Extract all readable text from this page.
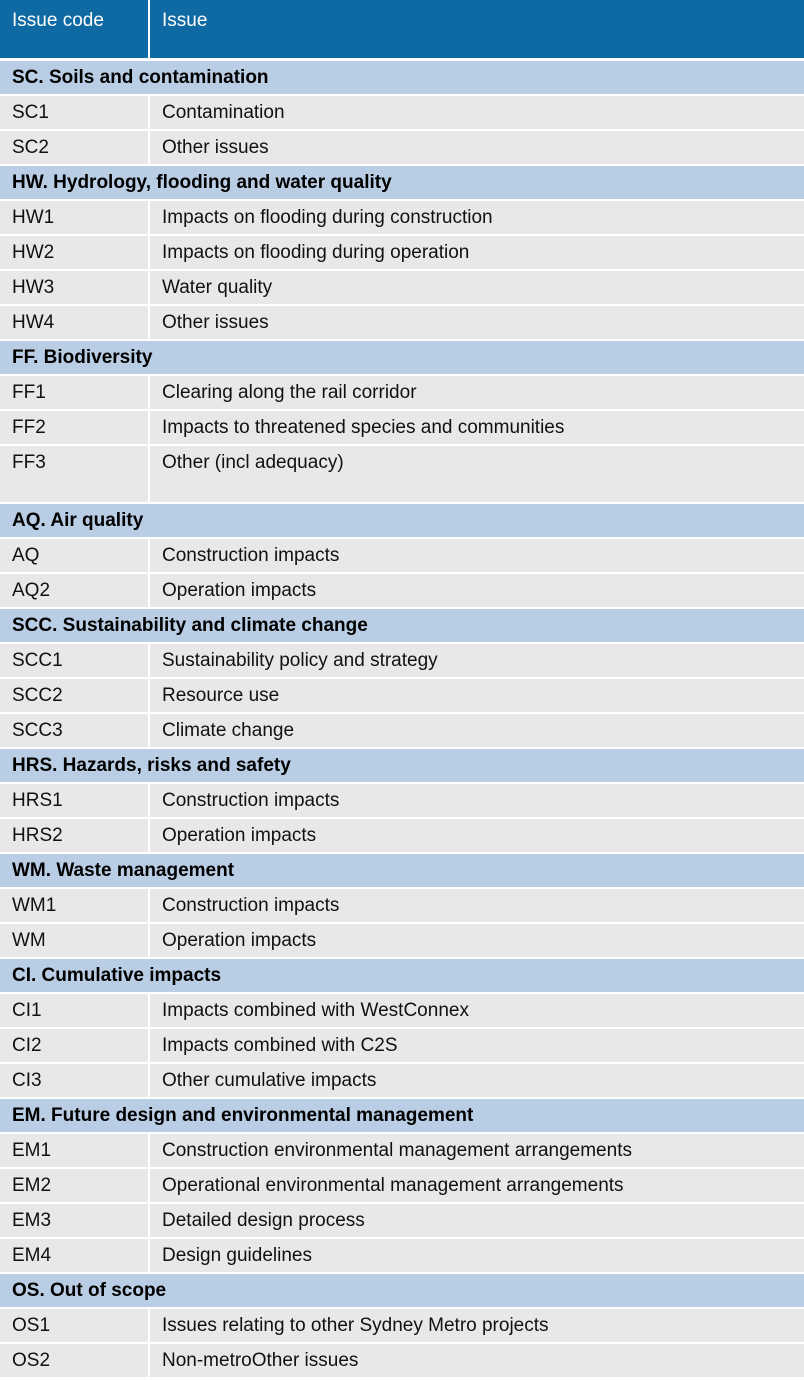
Issue code	Issue
SC. Soils and contamination
SC1	Contamination
SC2	Other issues
HW. Hydrology, flooding and water quality
HW1	Impacts on flooding during construction
HW2	Impacts on flooding during operation
HW3	Water quality
HW4	Other issues
FF. Biodiversity
FF1	Clearing along the rail corridor
FF2	Impacts to threatened species and communities
FF3	Other (incl adequacy)
AQ. Air quality
AQ	Construction impacts
AQ2	Operation impacts
SCC. Sustainability and climate change
SCC1	Sustainability policy and strategy
SCC2	Resource use
SCC3	Climate change
HRS. Hazards, risks and safety
HRS1	Construction impacts
HRS2	Operation impacts
WM. Waste management
WM1	Construction impacts
WM	Operation impacts
CI. Cumulative impacts
CI1	Impacts combined with WestConnex
CI2	Impacts combined with C2S
CI3	Other cumulative impacts
EM. Future design and environmental management
EM1	Construction environmental management arrangements
EM2	Operational environmental management arrangements
EM3	Detailed design process
EM4	Design guidelines
OS. Out of scope
OS1	Issues relating to other Sydney Metro projects
OS2	Non-metroOther issues
